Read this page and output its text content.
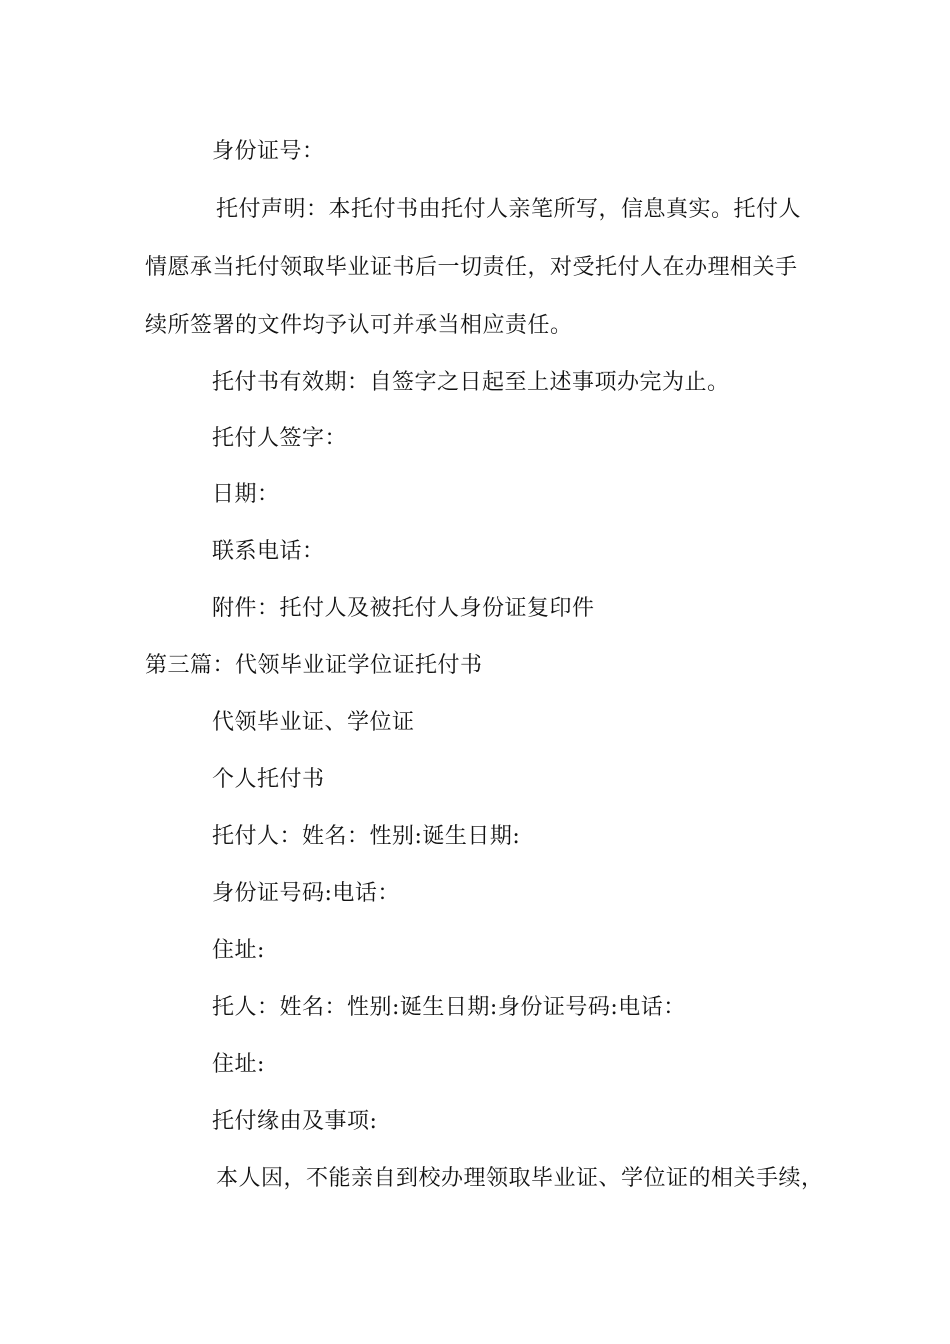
身份证号：
托付声明：本托付书由托付人亲笔所写，信息真实。托付人
情愿承当托付领取毕业证书后一切责任，对受托付人在办理相关手
续所签署的文件均予认可并承当相应责任。
托付书有效期：自签字之日起至上述事项办完为止。
托付人签字：
日期：
联系电话：
附件：托付人及被托付人身份证复印件
第三篇：代领毕业证学位证托付书
代领毕业证、学位证
个人托付书
托付人：姓名：性别:诞生日期:
身份证号码:电话：
住址:
托人：姓名：性别:诞生日期:身份证号码:电话：
住址:
托付缘由及事项:
本人因，不能亲自到校办理领取毕业证、学位证的相关手续，
